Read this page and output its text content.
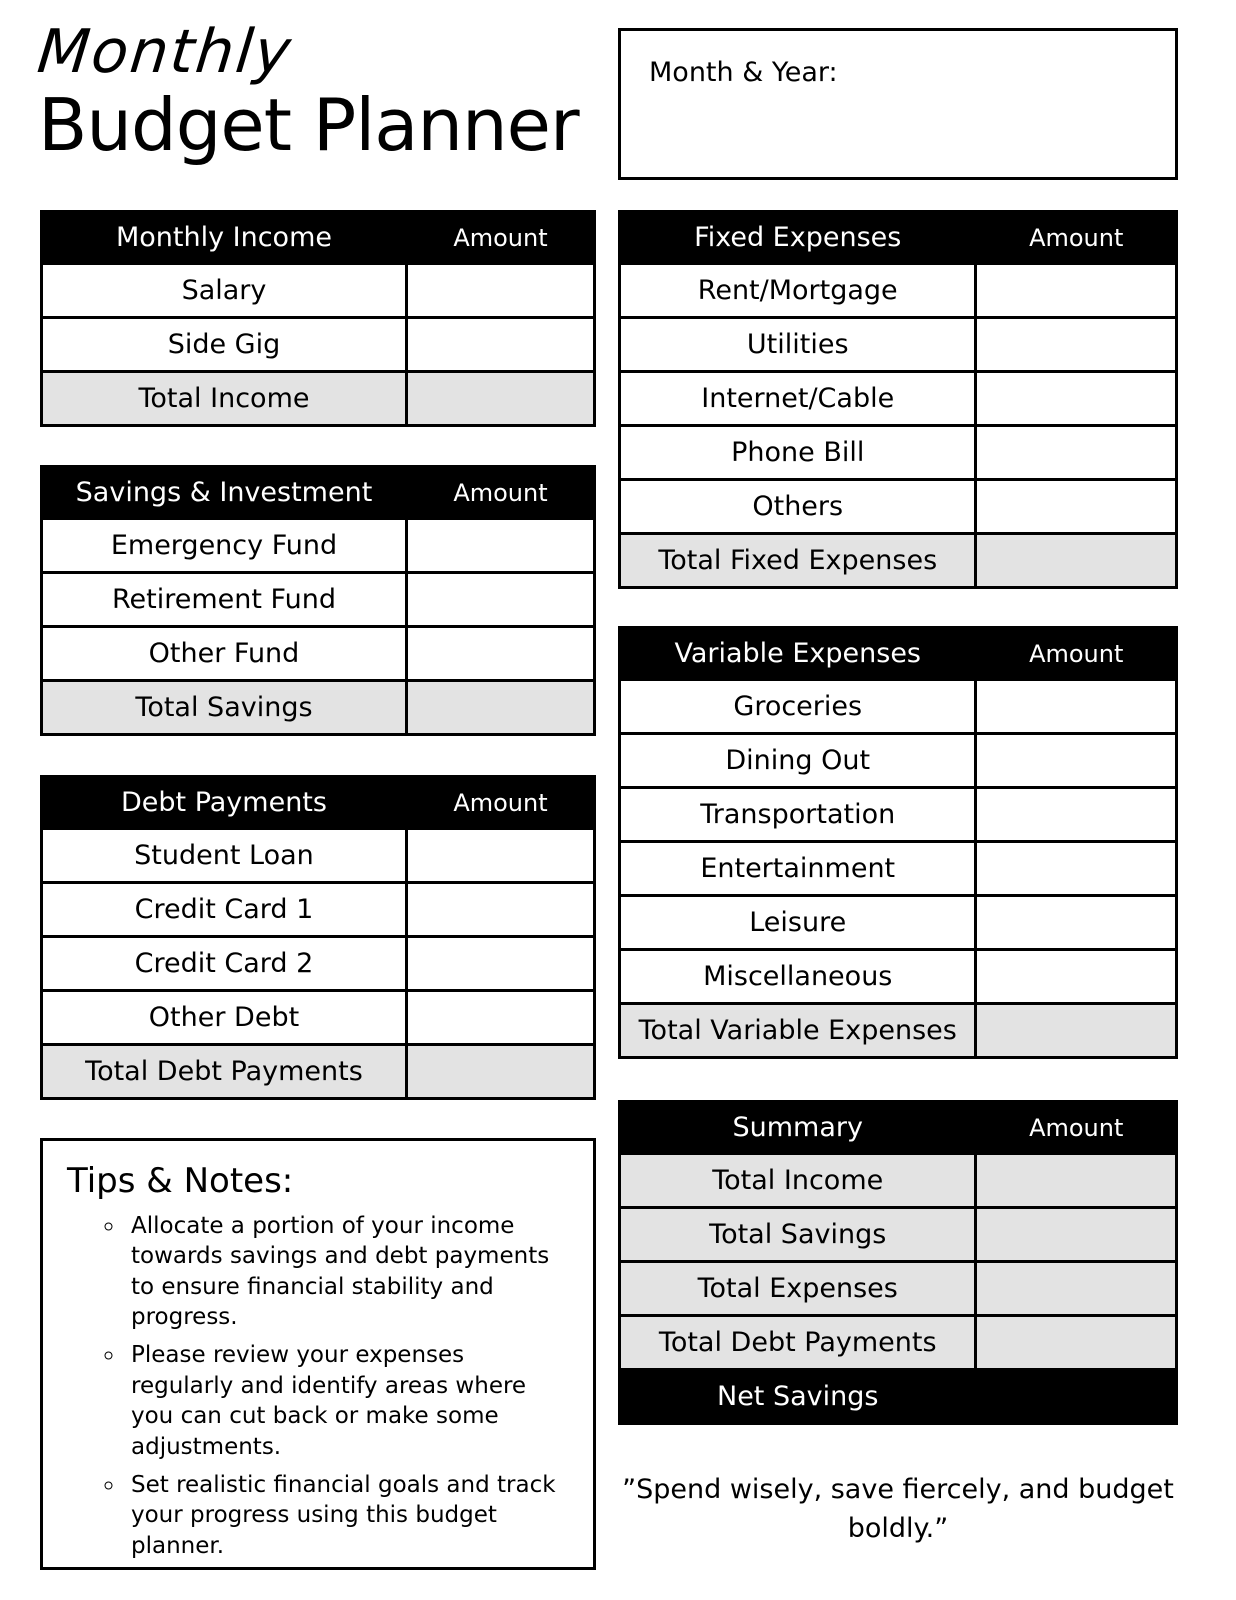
Monthly
Budget Planner
Month & Year:
Monthly Income	Amount
Salary	
Side Gig	
Total Income	
Savings & Investment	Amount
Emergency Fund	
Retirement Fund	
Other Fund	
Total Savings	
Debt Payments	Amount
Student Loan	
Credit Card 1	
Credit Card 2	
Other Debt	
Total Debt Payments	
Fixed Expenses	Amount
Rent/Mortgage	
Utilities	
Internet/Cable	
Phone Bill	
Others	
Total Fixed Expenses	
Variable Expenses	Amount
Groceries	
Dining Out	
Transportation	
Entertainment	
Leisure	
Miscellaneous	
Total Variable Expenses	
Summary	Amount
Total Income	
Total Savings	
Total Expenses	
Total Debt Payments	
Net Savings	
Tips & Notes:
◦ Allocate a portion of your income towards savings and debt payments to ensure financial stability and progress.
◦ Please review your expenses regularly and identify areas where you can cut back or make some adjustments.
◦ Set realistic financial goals and track your progress using this budget planner.
”Spend wisely, save fiercely, and budget boldly.”
